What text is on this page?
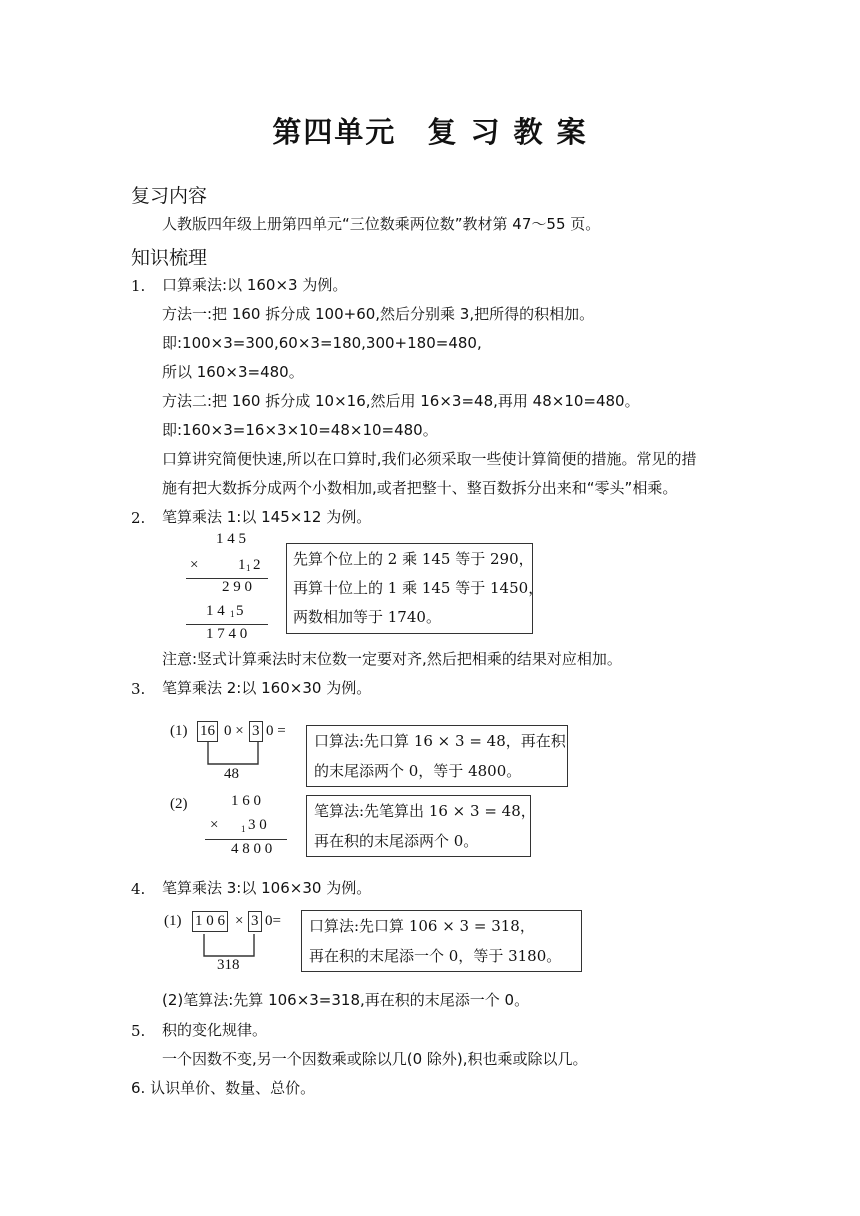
第四单元　复 习 教 案
复习内容
人教版四年级上册第四单元“三位数乘两位数”教材第 47～55 页。
知识梳理
1. 口算乘法:以 160×3 为例。
方法一:把 160 拆分成 100+60,然后分别乘 3,把所得的积相加。
即:100×3=300,60×3=180,300+180=480,
所以 160×3=480。
方法二:把 160 拆分成 10×16,然后用 16×3=48,再用 48×10=480。
即:160×3=16×3×10=48×10=480。
口算讲究简便快速,所以在口算时,我们必须采取一些使计算简便的措施。常见的措
施有把大数拆分成两个小数相加,或者把整十、整百数拆分出来和“零头”相乘。
2. 笔算乘法 1:以 145×12 为例。
1 4 5
×	1 1 2
2 9 0
1 4 1 5
1 7 4 0
先算个位上的 2 乘 145 等于 290，
再算十位上的 1 乘 145 等于 1450，
两数相加等于 1740。
注意:竖式计算乘法时末位数一定要对齐,然后把相乘的结果对应相加。
3. 笔算乘法 2:以 160×30 为例。
(1) 16 0 × 3 0 =
48
口算法:先口算 16 × 3 = 48，再在积
的末尾添两个 0，等于 4800。
(2)	1 6 0
×	1 3 0
4 8 0 0
笔算法:先笔算出 16 × 3 = 48，
再在积的末尾添两个 0。
4. 笔算乘法 3:以 106×30 为例。
(1) 1 0 6 × 3 0=
318
口算法:先口算 106 × 3 = 318，
再在积的末尾添一个 0，等于 3180。
(2)笔算法:先算 106×3=318,再在积的末尾添一个 0。
5. 积的变化规律。
一个因数不变,另一个因数乘或除以几(0 除外),积也乘或除以几。
6. 认识单价、数量、总价。
